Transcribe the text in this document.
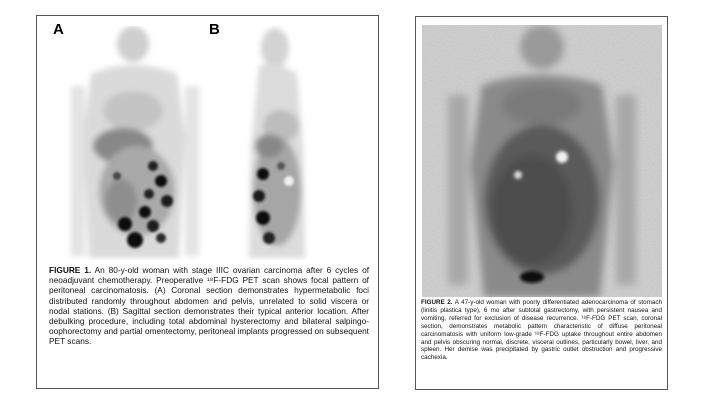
A	B
FIGURE 1. An 80-y-old woman with stage IIIC ovarian carcinoma after 6 cycles of neoadjuvant chemotherapy. Preoperative ¹⁸F-FDG PET scan shows focal pattern of peritoneal carcinomatosis. (A) Coronal section demonstrates hypermetabolic foci distributed randomly throughout abdomen and pelvis, unrelated to solid viscera or nodal stations. (B) Sagittal section demonstrates their typical anterior location. After debulking procedure, including total abdominal hysterectomy and bilateral salpingo-oophorectomy and partial omentectomy, peritoneal implants progressed on subsequent PET scans.
FIGURE 2. A 47-y-old woman with poorly differentiated adenocarcinoma of stomach (linitis plastica type), 6 mo after subtotal gastrectomy, with persistent nausea and vomiting, referred for exclusion of disease recurrence. ¹⁸F-FDG PET scan, coronal section, demonstrates metabolic pattern characteristic of diffuse peritoneal carcinomatosis with uniform low-grade ¹⁸F-FDG uptake throughout entire abdomen and pelvis obscuring normal, discrete, visceral outlines, particularly bowel, liver, and spleen. Her demise was precipitated by gastric outlet obstruction and progressive cachexia.
